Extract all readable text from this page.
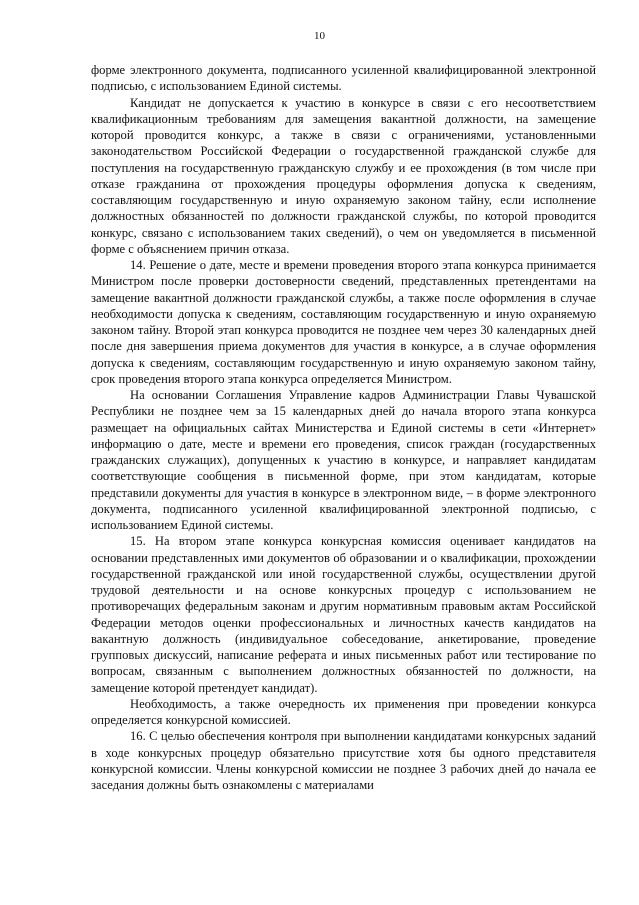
10

форме электронного документа, подписанного усиленной квалифицированной электронной подписью, с использованием Единой системы.

Кандидат не допускается к участию в конкурсе в связи с его несоответствием квалификационным требованиям для замещения вакантной должности, на замещение которой проводится конкурс, а также в связи с ограничениями, установленными законодательством Российской Федерации о государственной гражданской службе для поступления на государственную гражданскую службу и ее прохождения (в том числе при отказе гражданина от прохождения процедуры оформления допуска к сведениям, составляющим государственную и иную охраняемую законом тайну, если исполнение должностных обязанностей по должности гражданской службы, по которой проводится конкурс, связано с использованием таких сведений), о чем он уведомляется в письменной форме с объяснением причин отказа.

14. Решение о дате, месте и времени проведения второго этапа конкурса принимается Министром после проверки достоверности сведений, представленных претендентами на замещение вакантной должности гражданской службы, а также после оформления в случае необходимости допуска к сведениям, составляющим государственную и иную охраняемую законом тайну. Второй этап конкурса проводится не позднее чем через 30 календарных дней после дня завершения приема документов для участия в конкурсе, а в случае оформления допуска к сведениям, составляющим государственную и иную охраняемую законом тайну, срок проведения второго этапа конкурса определяется Министром.

На основании Соглашения Управление кадров Администрации Главы Чувашской Республики не позднее чем за 15 календарных дней до начала второго этапа конкурса размещает на официальных сайтах Министерства и Единой системы в сети «Интернет» информацию о дате, месте и времени его проведения, список граждан (государственных гражданских служащих), допущенных к участию в конкурсе, и направляет кандидатам соответствующие сообщения в письменной форме, при этом кандидатам, которые представили документы для участия в конкурсе в электронном виде, – в форме электронного документа, подписанного усиленной квалифицированной электронной подписью, с использованием Единой системы.

15. На втором этапе конкурса конкурсная комиссия оценивает кандидатов на основании представленных ими документов об образовании и о квалификации, прохождении государственной гражданской или иной государственной службы, осуществлении другой трудовой деятельности и на основе конкурсных процедур с использованием не противоречащих федеральным законам и другим нормативным правовым актам Российской Федерации методов оценки профессиональных и личностных качеств кандидатов на вакантную должность (индивидуальное собеседование, анкетирование, проведение групповых дискуссий, написание реферата и иных письменных работ или тестирование по вопросам, связанным с выполнением должностных обязанностей по должности, на замещение которой претендует кандидат).

Необходимость, а также очередность их применения при проведении конкурса определяется конкурсной комиссией.

16. С целью обеспечения контроля при выполнении кандидатами конкурсных заданий в ходе конкурсных процедур обязательно присутствие хотя бы одного представителя конкурсной комиссии. Члены конкурсной комиссии не позднее 3 рабочих дней до начала ее заседания должны быть ознакомлены с материалами
